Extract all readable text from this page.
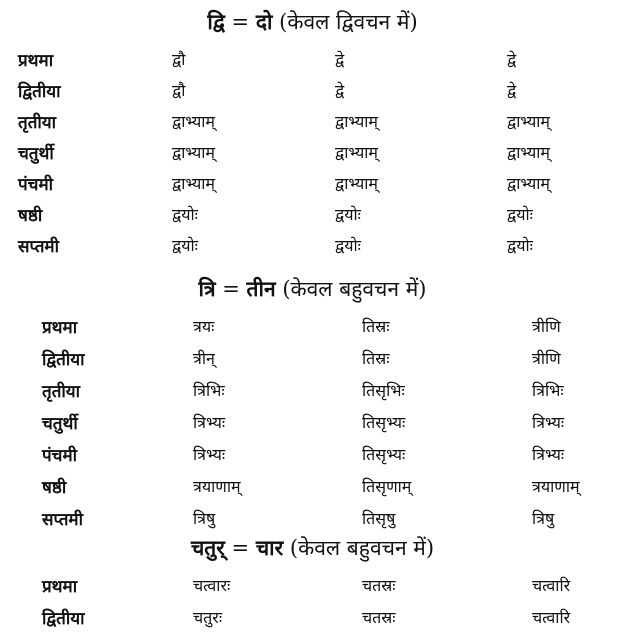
द्वि = दो (केवल द्विवचन में)
त्रि = तीन (केवल बहुवचन में)
चतुर् = चार (केवल बहुवचन में)
प्रथमा	द्वौ	द्वे	द्वे
द्वितीया	द्वौ	द्वे	द्वे
तृतीया	द्वाभ्याम्	द्वाभ्याम्	द्वाभ्याम्
चतुर्थी	द्वाभ्याम्	द्वाभ्याम्	द्वाभ्याम्
पंचमी	द्वाभ्याम्	द्वाभ्याम्	द्वाभ्याम्
षष्ठी	द्वयोः	द्वयोः	द्वयोः
सप्तमी	द्वयोः	द्वयोः	द्वयोः
प्रथमा	त्रयः	तिस्रः	त्रीणि
द्वितीया	त्रीन्	तिस्रः	त्रीणि
तृतीया	त्रिभिः	तिसृभिः	त्रिभिः
चतुर्थी	त्रिभ्यः	तिसृभ्यः	त्रिभ्यः
पंचमी	त्रिभ्यः	तिसृभ्यः	त्रिभ्यः
षष्ठी	त्रयाणाम्	तिसृणाम्	त्रयाणाम्
सप्तमी	त्रिषु	तिसृषु	त्रिषु
प्रथमा	चत्वारः	चतस्रः	चत्वारि
द्वितीया	चतुरः	चतस्रः	चत्वारि
